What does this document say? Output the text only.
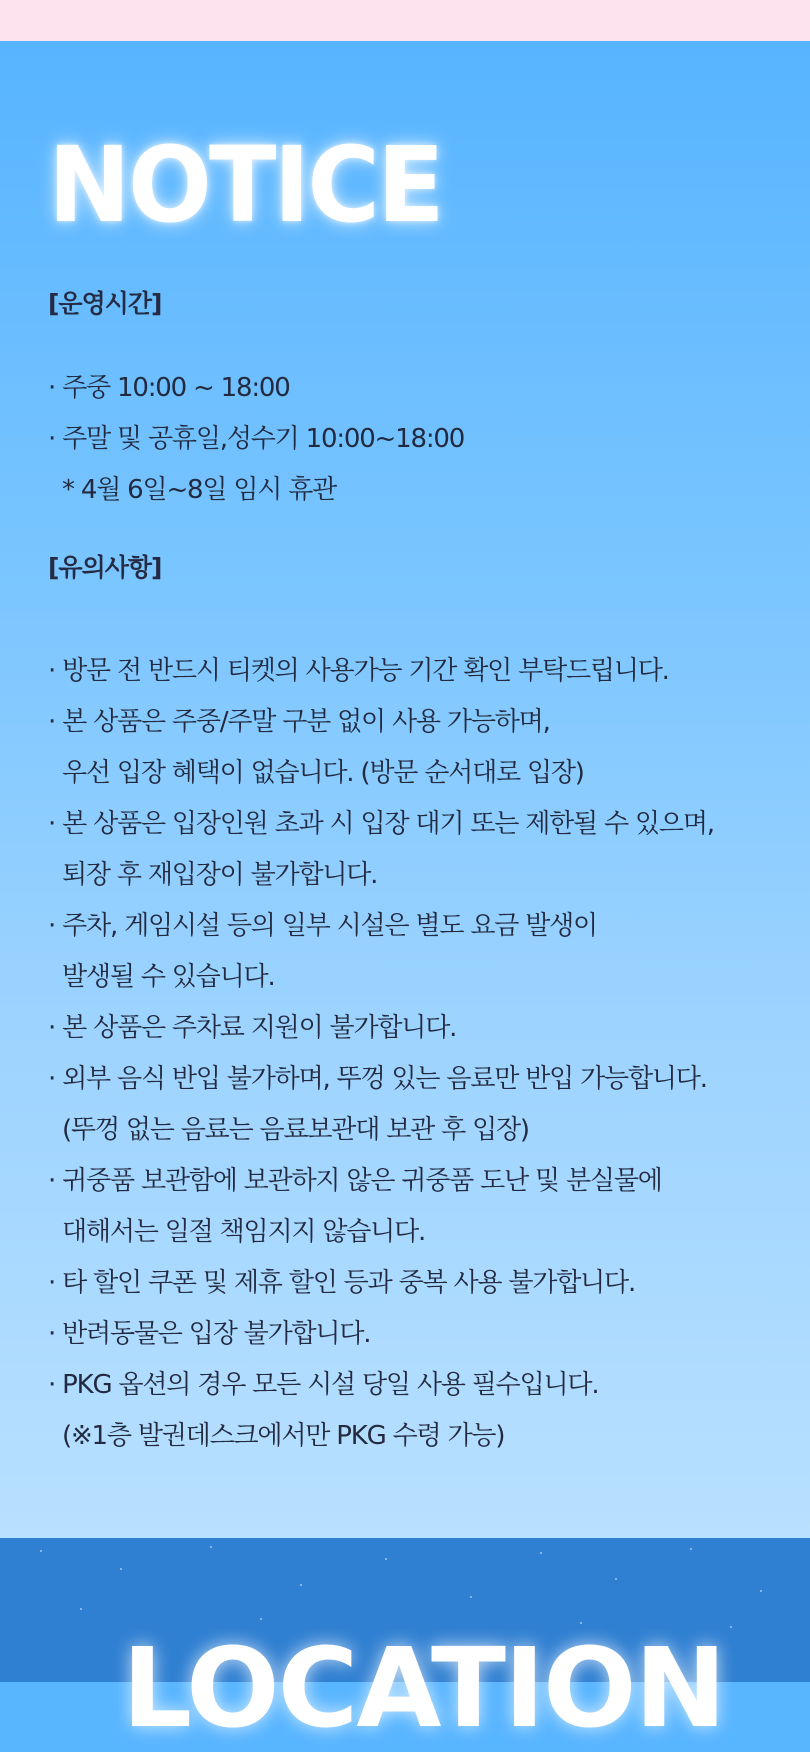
NOTICE
[운영시간]
· 주중 10:00 ~ 18:00
· 주말 및 공휴일,성수기 10:00~18:00
* 4월 6일~8일 임시 휴관
[유의사항]
· 방문 전 반드시 티켓의 사용가능 기간 확인 부탁드립니다.
· 본 상품은 주중/주말 구분 없이 사용 가능하며,
우선 입장 혜택이 없습니다. (방문 순서대로 입장)
· 본 상품은 입장인원 초과 시 입장 대기 또는 제한될 수 있으며,
퇴장 후 재입장이 불가합니다.
· 주차, 게임시설 등의 일부 시설은 별도 요금 발생이
발생될 수 있습니다.
· 본 상품은 주차료 지원이 불가합니다.
· 외부 음식 반입 불가하며, 뚜껑 있는 음료만 반입 가능합니다.
(뚜껑 없는 음료는 음료보관대 보관 후 입장)
· 귀중품 보관함에 보관하지 않은 귀중품 도난 및 분실물에
대해서는 일절 책임지지 않습니다.
· 타 할인 쿠폰 및 제휴 할인 등과 중복 사용 불가합니다.
· 반려동물은 입장 불가합니다.
· PKG 옵션의 경우 모든 시설 당일 사용 필수입니다.
(※1층 발권데스크에서만 PKG 수령 가능)
LOCATION
